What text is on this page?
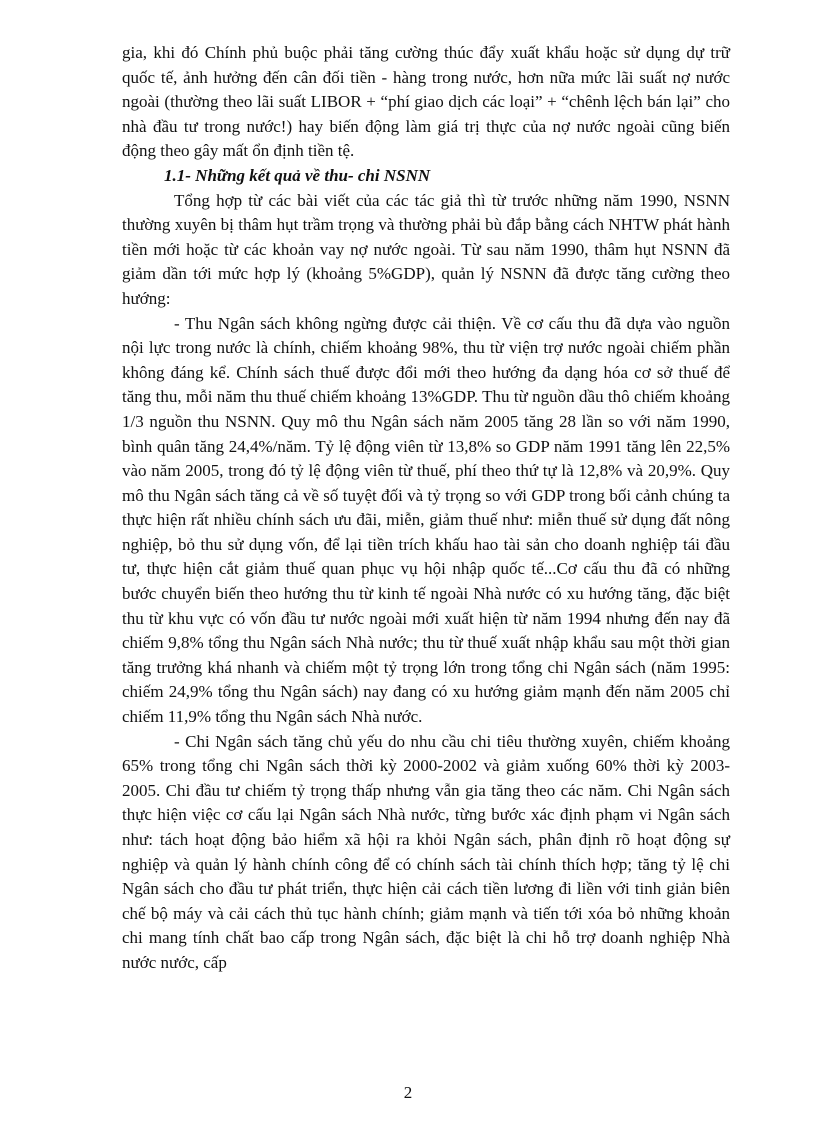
gia, khi đó Chính phủ buộc phải tăng cường thúc đẩy xuất khẩu hoặc sử dụng dự trữ quốc tế, ảnh hưởng đến cân đối tiền - hàng trong nước, hơn nữa mức lãi suất nợ nước ngoài (thường theo lãi suất LIBOR + “phí giao dịch các loại” + “chênh lệch bán lại” cho nhà đầu tư trong nước!) hay biến động làm giá trị thực của nợ nước ngoài cũng biến động theo gây mất ổn định tiền tệ.

1.1- Những kết quả về thu- chi NSNN

Tổng hợp từ các bài viết của các tác giả thì từ trước những năm 1990, NSNN thường xuyên bị thâm hụt trầm trọng và thường phải bù đắp bằng cách NHTW phát hành tiền mới hoặc từ các khoản vay nợ nước ngoài. Từ sau năm 1990, thâm hụt NSNN đã giảm dần tới mức hợp lý (khoảng 5%GDP), quản lý NSNN đã được tăng cường theo hướng:

- Thu Ngân sách không ngừng được cải thiện. Về cơ cấu thu đã dựa vào nguồn nội lực trong nước là chính, chiếm khoảng 98%, thu từ viện trợ nước ngoài chiếm phần không đáng kể. Chính sách thuế được đổi mới theo hướng đa dạng hóa cơ sở thuế để tăng thu, mỗi năm thu thuế chiếm khoảng 13%GDP. Thu từ nguồn dầu thô chiếm khoảng 1/3 nguồn thu NSNN. Quy mô thu Ngân sách năm 2005 tăng 28 lần so với năm 1990, bình quân tăng 24,4%/năm. Tỷ lệ động viên từ 13,8% so GDP năm 1991 tăng lên 22,5% vào năm 2005, trong đó tỷ lệ động viên từ thuế, phí theo thứ tự là 12,8% và 20,9%. Quy mô thu Ngân sách tăng cả về số tuyệt đối và tỷ trọng so với GDP trong bối cảnh chúng ta thực hiện rất nhiều chính sách ưu đãi, miễn, giảm thuế như: miễn thuế sử dụng đất nông nghiệp, bỏ thu sử dụng vốn, để lại tiền trích khấu hao tài sản cho doanh nghiệp tái đầu tư, thực hiện cắt giảm thuế quan phục vụ hội nhập quốc tế...Cơ cấu thu đã có những bước chuyển biến theo hướng thu từ kinh tế ngoài Nhà nước có xu hướng tăng, đặc biệt thu từ khu vực có vốn đầu tư nước ngoài mới xuất hiện từ năm 1994 nhưng đến nay đã chiếm 9,8% tổng thu Ngân sách Nhà nước; thu từ thuế xuất nhập khẩu sau một thời gian tăng trưởng khá nhanh và chiếm một tỷ trọng lớn trong tổng chi Ngân sách (năm 1995: chiếm 24,9% tổng thu Ngân sách) nay đang có xu hướng giảm mạnh đến năm 2005 chỉ chiếm 11,9% tổng thu Ngân sách Nhà nước.

- Chi Ngân sách tăng chủ yếu do nhu cầu chi tiêu thường xuyên, chiếm khoảng 65% trong tổng chi Ngân sách thời kỳ 2000-2002 và giảm xuống 60% thời kỳ 2003-2005. Chi đầu tư chiếm tỷ trọng thấp nhưng vẫn gia tăng theo các năm. Chi Ngân sách thực hiện việc cơ cấu lại Ngân sách Nhà nước, từng bước xác định phạm vi Ngân sách như: tách hoạt động bảo hiểm xã hội ra khỏi Ngân sách, phân định rõ hoạt động sự nghiệp và quản lý hành chính công để có chính sách tài chính thích hợp; tăng tỷ lệ chi Ngân sách cho đầu tư phát triển, thực hiện cải cách tiền lương đi liền với tinh giản biên chế bộ máy và cải cách thủ tục hành chính; giảm mạnh và tiến tới xóa bỏ những khoản chi mang tính chất bao cấp trong Ngân sách, đặc biệt là chi hỗ trợ doanh nghiệp Nhà nước nước, cấp

2
